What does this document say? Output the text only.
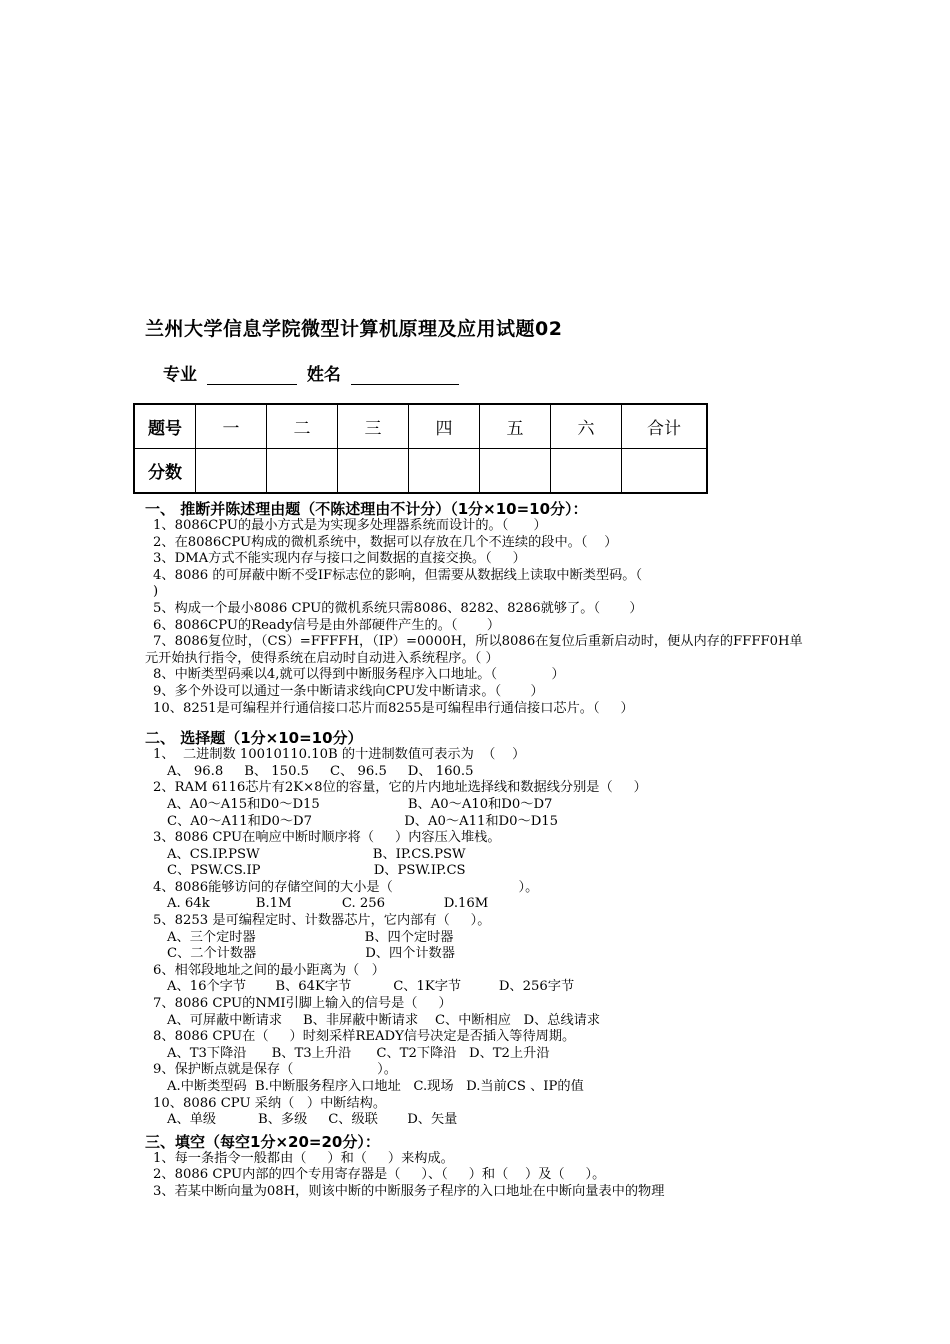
兰州大学信息学院微型计算机原理及应用试题02
专业	姓名
题号	一	二	三	四	五	六	合计
分数							
一、 推断并陈述理由题（不陈述理由不计分）（1分×10=10分）：
1、8086CPU的最小方式是为实现多处理器系统而设计的。（      ）
2、在8086CPU构成的微机系统中，数据可以存放在几个不连续的段中。（    ）
3、DMA方式不能实现内存与接口之间数据的直接交换。（     ）
4、8086 的可屏蔽中断不受IF标志位的影响，但需要从数据线上读取中断类型码。（
)
5、构成一个最小8086 CPU的微机系统只需8086、8282、8286就够了。（       ）
6、8086CPU的Ready信号是由外部硬件产生的。（       ）
7、8086复位时，（CS）=FFFFH，（IP）=0000H，所以8086在复位后重新启动时，便从内存的FFFF0H单元开始执行指令，使得系统在启动时自动进入系统程序。（ ）
8、中断类型码乘以4,就可以得到中断服务程序入口地址。（             ）
9、多个外设可以通过一条中断请求线向CPU发中断请求。（       ）
10、8251是可编程并行通信接口芯片而8255是可编程串行通信接口芯片。（     ）
二、 选择题（1分×10=10分）
1、  二进制数 10010110.10B 的十进制数值可表示为  （    ）
A、 96.8     B、 150.5     C、 96.5     D、 160.5
2、RAM 6116芯片有2K×8位的容量，它的片内地址选择线和数据线分别是（     ）
A、A0～A15和D0～D15                     B、A0～A10和D0～D7
C、A0～A11和D0～D7                      D、A0～A11和D0～D15
3、8086 CPU在响应中断时顺序将（     ）内容压入堆栈。
A、CS.IP.PSW                           B、IP.CS.PSW
C、PSW.CS.IP                           D、PSW.IP.CS
4、8086能够访问的存储空间的大小是（                              ）。
A. 64k           B.1M            C. 256              D.16M
5、8253 是可编程定时、计数器芯片，它内部有（     ）。
A、三个定时器                          B、四个定时器
C、二个计数器                          D、四个计数器
6、相邻段地址之间的最小距离为（   ）
A、16个字节       B、64K字节          C、1K字节         D、256字节
7、8086 CPU的NMI引脚上输入的信号是（     ）
A、可屏蔽中断请求     B、非屏蔽中断请求    C、中断相应   D、总线请求
8、8086 CPU在（     ）时刻采样READY信号决定是否插入等待周期。
A、T3下降沿      B、T3上升沿      C、T2下降沿   D、T2上升沿
9、保护断点就是保存（                    ）。
A.中断类型码  B.中断服务程序入口地址   C.现场   D.当前CS 、IP的值
10、8086 CPU 采纳（   ）中断结构。
A、单级          B、多级     C、级联       D、矢量
三、填空（每空1分×20=20分）：
1、每一条指令一般都由（     ）和（     ）来构成。
2、8086 CPU内部的四个专用寄存器是（     ）、（     ）和（    ）及（     ）。
3、若某中断向量为08H，则该中断的中断服务子程序的入口地址在中断向量表中的物理
